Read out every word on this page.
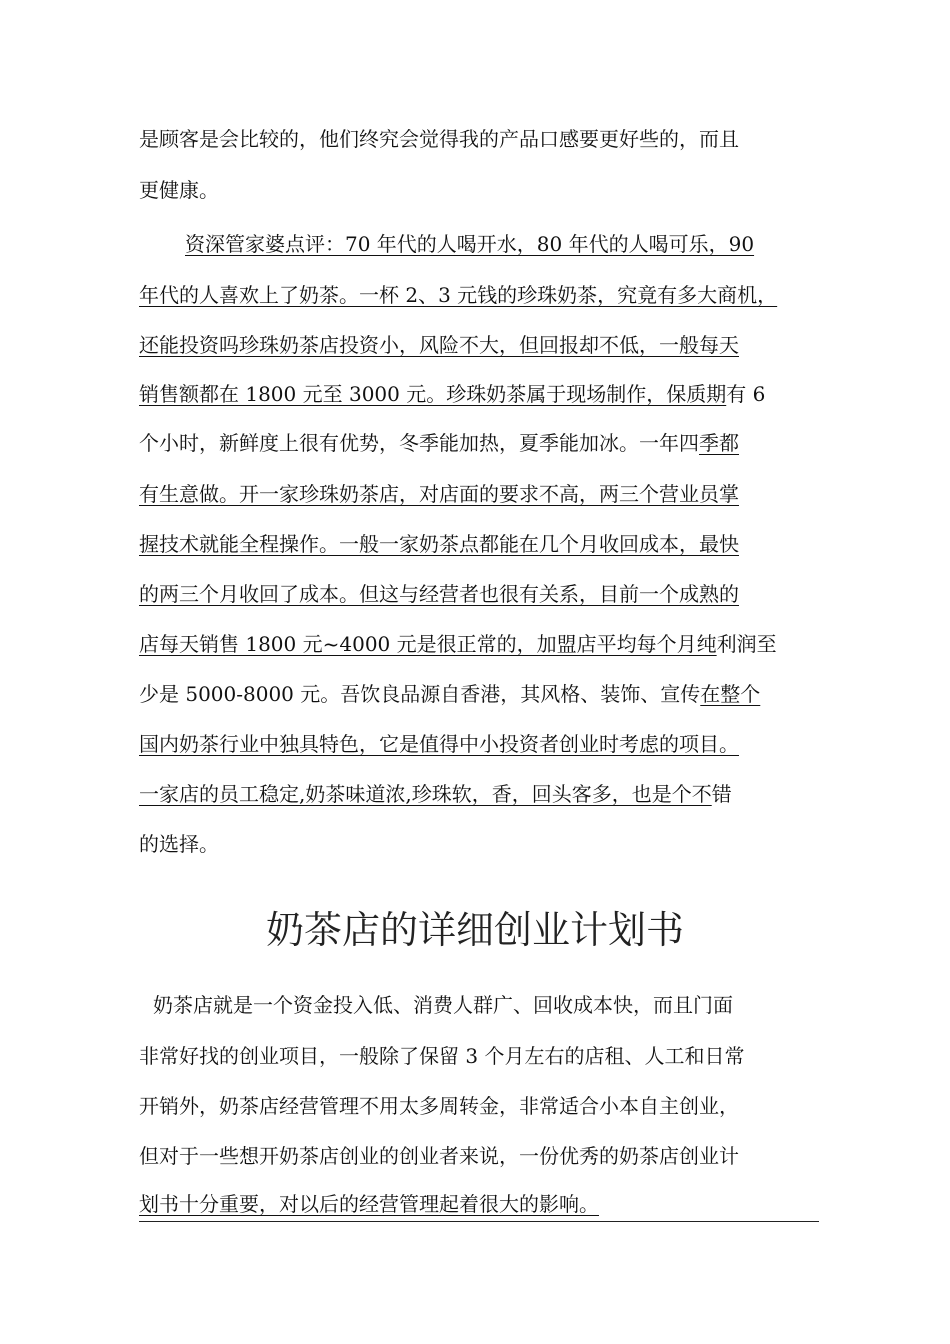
是顾客是会比较的，他们终究会觉得我的产品口感要更好些的，而且
更健康。
资深管家婆点评：70 年代的人喝开水，80 年代的人喝可乐，90
年代的人喜欢上了奶茶。一杯 2、3 元钱的珍珠奶茶，究竟有多大商机，
还能投资吗珍珠奶茶店投资小，风险不大，但回报却不低，一般每天
销售额都在 1800 元至 3000 元。珍珠奶茶属于现场制作，保质期有 6
个小时，新鲜度上很有优势，冬季能加热，夏季能加冰。一年四季都
有生意做。开一家珍珠奶茶店，对店面的要求不高，两三个营业员掌
握技术就能全程操作。一般一家奶茶点都能在几个月收回成本，最快
的两三个月收回了成本。但这与经营者也很有关系，目前一个成熟的
店每天销售 1800 元~4000 元是很正常的，加盟店平均每个月纯利润至
少是 5000-8000 元。吾饮良品源自香港，其风格、装饰、宣传在整个
国内奶茶行业中独具特色，它是值得中小投资者创业时考虑的项目。
一家店的员工稳定,奶茶味道浓,珍珠软，香，回头客多，也是个不错
的选择。
奶茶店的详细创业计划书
奶茶店就是一个资金投入低、消费人群广、回收成本快，而且门面
非常好找的创业项目，一般除了保留 3 个月左右的店租、人工和日常
开销外，奶茶店经营管理不用太多周转金，非常适合小本自主创业，
但对于一些想开奶茶店创业的创业者来说，一份优秀的奶茶店创业计
划书十分重要，对以后的经营管理起着很大的影响。
